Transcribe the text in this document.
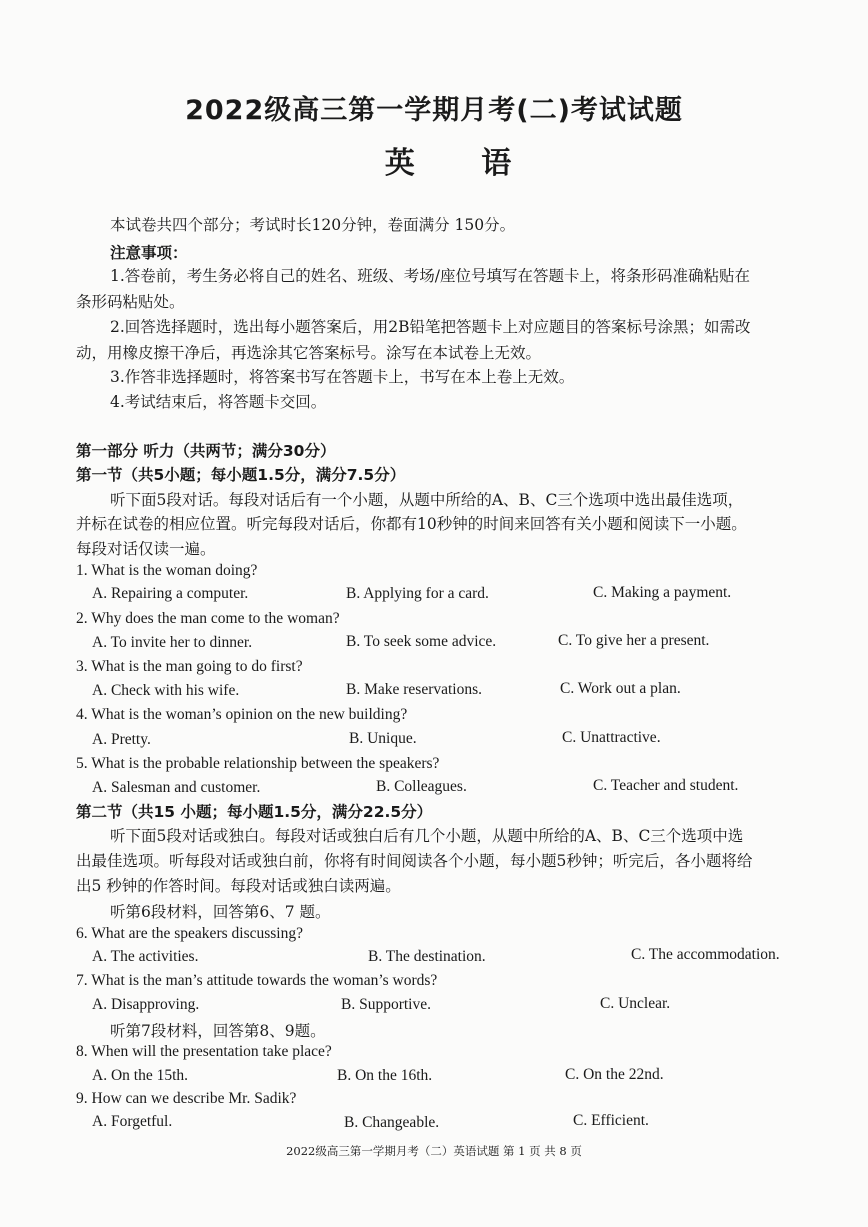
2022级高三第一学期月考(二)考试试题
英 语
本试卷共四个部分；考试时长120分钟，卷面满分 150分。
注意事项：
1.答卷前，考生务必将自己的姓名、班级、考场/座位号填写在答题卡上，将条形码准确粘贴在
条形码粘贴处。
2.回答选择题时，选出每小题答案后，用2B铅笔把答题卡上对应题目的答案标号涂黑；如需改
动，用橡皮擦干净后，再选涂其它答案标号。涂写在本试卷上无效。
3.作答非选择题时，将答案书写在答题卡上，书写在本上卷上无效。
4.考试结束后，将答题卡交回。
第一部分 听力（共两节；满分30分）
第一节（共5小题；每小题1.5分，满分7.5分）
听下面5段对话。每段对话后有一个小题，从题中所给的A、B、C三个选项中选出最佳选项，
并标在试卷的相应位置。听完每段对话后，你都有10秒钟的时间来回答有关小题和阅读下一小题。
每段对话仅读一遍。
1. What is the woman doing?
A. Repairing a computer.	B. Applying for a card.	C. Making a payment.
2. Why does the man come to the woman?
A. To invite her to dinner.	B. To seek some advice.	C. To give her a present.
3. What is the man going to do first?
A. Check with his wife.	B. Make reservations.	C. Work out a plan.
4. What is the woman’s opinion on the new building?
A. Pretty.	B. Unique.	C. Unattractive.
5. What is the probable relationship between the speakers?
A. Salesman and customer.	B. Colleagues.	C. Teacher and student.
第二节（共15 小题；每小题1.5分，满分22.5分）
听下面5段对话或独白。每段对话或独白后有几个小题，从题中所给的A、B、C三个选项中选
出最佳选项。听每段对话或独白前，你将有时间阅读各个小题，每小题5秒钟；听完后，各小题将给
出5 秒钟的作答时间。每段对话或独白读两遍。
听第6段材料，回答第6、7 题。
6. What are the speakers discussing?
A. The activities.	B. The destination.	C. The accommodation.
7. What is the man’s attitude towards the woman’s words?
A. Disapproving.	B. Supportive.	C. Unclear.
听第7段材料，回答第8、9题。
8. When will the presentation take place?
A. On the 15th.	B. On the 16th.	C. On the 22nd.
9. How can we describe Mr. Sadik?
A. Forgetful.	B. Changeable.	C. Efficient.
2022级高三第一学期月考（二）英语试题 第 1 页 共 8 页
